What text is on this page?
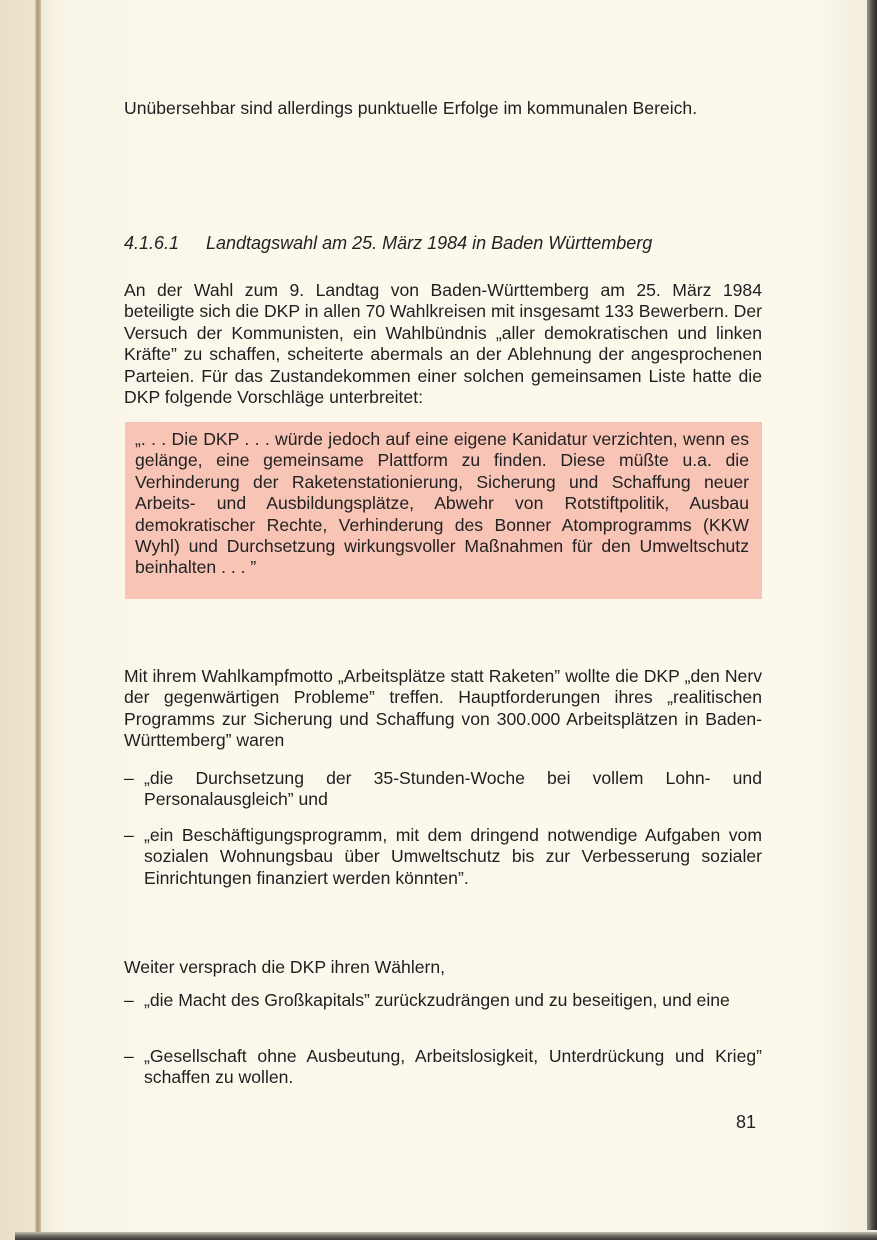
Unübersehbar sind allerdings punktuelle Erfolge im kommunalen Bereich.

4.1.6.1 Landtagswahl am 25. März 1984 in Baden Württemberg

An der Wahl zum 9. Landtag von Baden-Württemberg am 25. März 1984 beteiligte sich die DKP in allen 70 Wahlkreisen mit insgesamt 133 Bewerbern. Der Versuch der Kommunisten, ein Wahlbündnis „aller demokratischen und linken Kräfte” zu schaffen, scheiterte abermals an der Ablehnung der angesprochenen Parteien. Für das Zustandekommen einer solchen gemeinsamen Liste hatte die DKP folgende Vorschläge unterbreitet:

„. . . Die DKP . . . würde jedoch auf eine eigene Kanidatur verzichten, wenn es gelänge, eine gemeinsame Plattform zu finden. Diese müßte u.a. die Verhinderung der Raketenstationierung, Sicherung und Schaffung neuer Arbeits- und Ausbildungsplätze, Abwehr von Rotstiftpolitik, Ausbau demokratischer Rechte, Verhinderung des Bonner Atomprogramms (KKW Wyhl) und Durchsetzung wirkungsvoller Maßnahmen für den Umweltschutz beinhalten . . . ”

Mit ihrem Wahlkampfmotto „Arbeitsplätze statt Raketen” wollte die DKP „den Nerv der gegenwärtigen Probleme” treffen. Hauptforderungen ihres „realitischen Programms zur Sicherung und Schaffung von 300.000 Arbeitsplätzen in Baden-Württemberg” waren

– „die Durchsetzung der 35-Stunden-Woche bei vollem Lohn- und Personalausgleich” und
– „ein Beschäftigungsprogramm, mit dem dringend notwendige Aufgaben vom sozialen Wohnungsbau über Umweltschutz bis zur Verbesserung sozialer Einrichtungen finanziert werden könnten”.

Weiter versprach die DKP ihren Wählern,

– „die Macht des Großkapitals” zurückzudrängen und zu beseitigen, und eine
– „Gesellschaft ohne Ausbeutung, Arbeitslosigkeit, Unterdrückung und Krieg” schaffen zu wollen.
81
